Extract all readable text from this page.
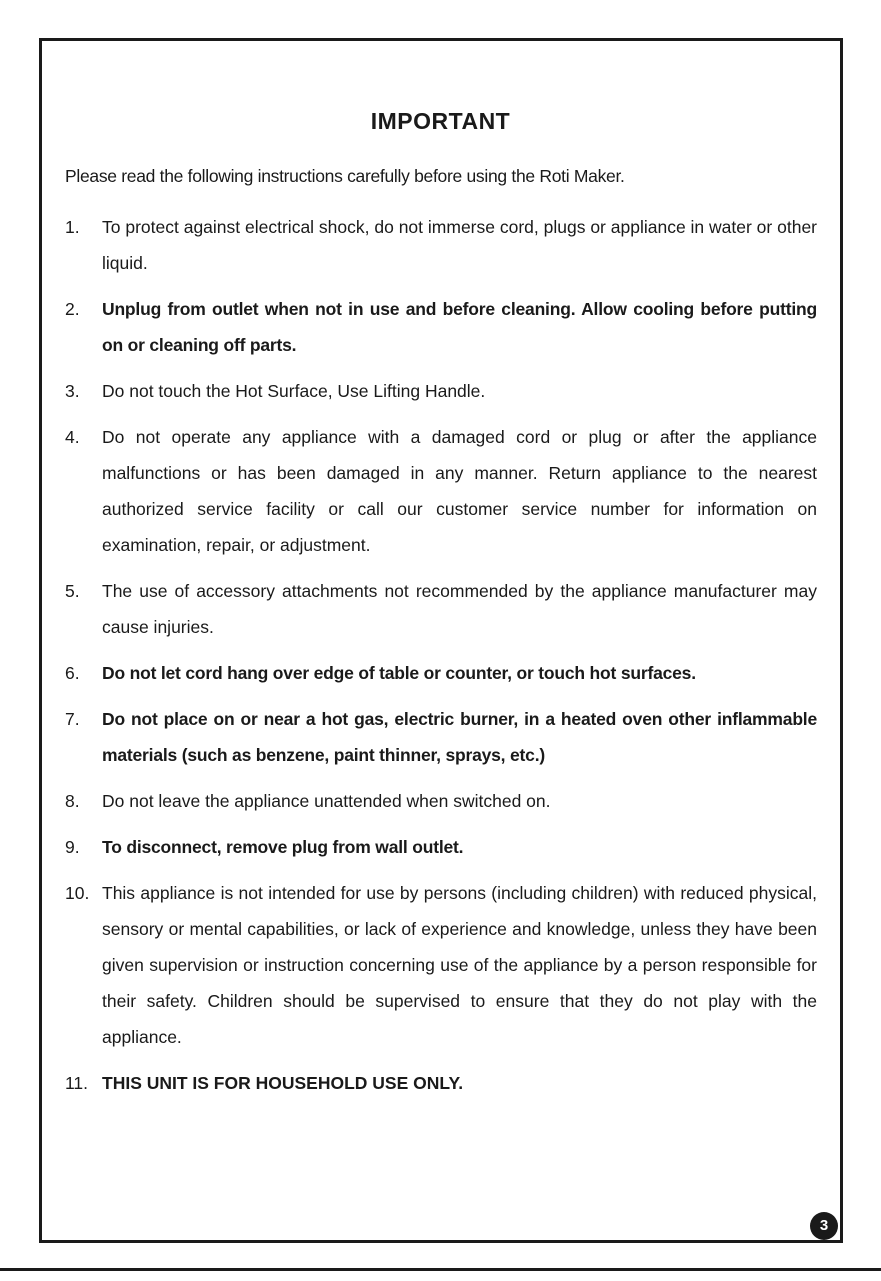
IMPORTANT
Please read the following instructions carefully before using the Roti Maker.
1.	To protect against electrical shock, do not immerse cord, plugs or appliance in water or other liquid.
2.	Unplug from outlet when not in use and before cleaning. Allow cooling before putting on or cleaning off parts.
3.	Do not touch the Hot Surface, Use Lifting Handle.
4.	Do not operate any appliance with a damaged cord or plug or after the appliance malfunctions or has been damaged in any manner. Return appliance to the nearest authorized service facility or call our customer service number for information on examination, repair, or adjustment.
5.	The use of accessory attachments not recommended by the appliance manufacturer may cause injuries.
6.	Do not let cord hang over edge of table or counter, or touch hot surfaces.
7.	Do not place on or near a hot gas, electric burner, in a heated oven other inflammable materials (such as benzene, paint thinner, sprays, etc.)
8.	Do not leave the appliance unattended when switched on.
9.	To disconnect, remove plug from wall outlet.
10. This appliance is not intended for use by persons (including children) with reduced physical, sensory or mental capabilities, or lack of experience and knowledge, unless they have been given supervision or instruction concerning use of the appliance by a person responsible for their safety. Children should be supervised to ensure that they do not play with the appliance.
11. THIS UNIT IS FOR HOUSEHOLD USE ONLY.
3
